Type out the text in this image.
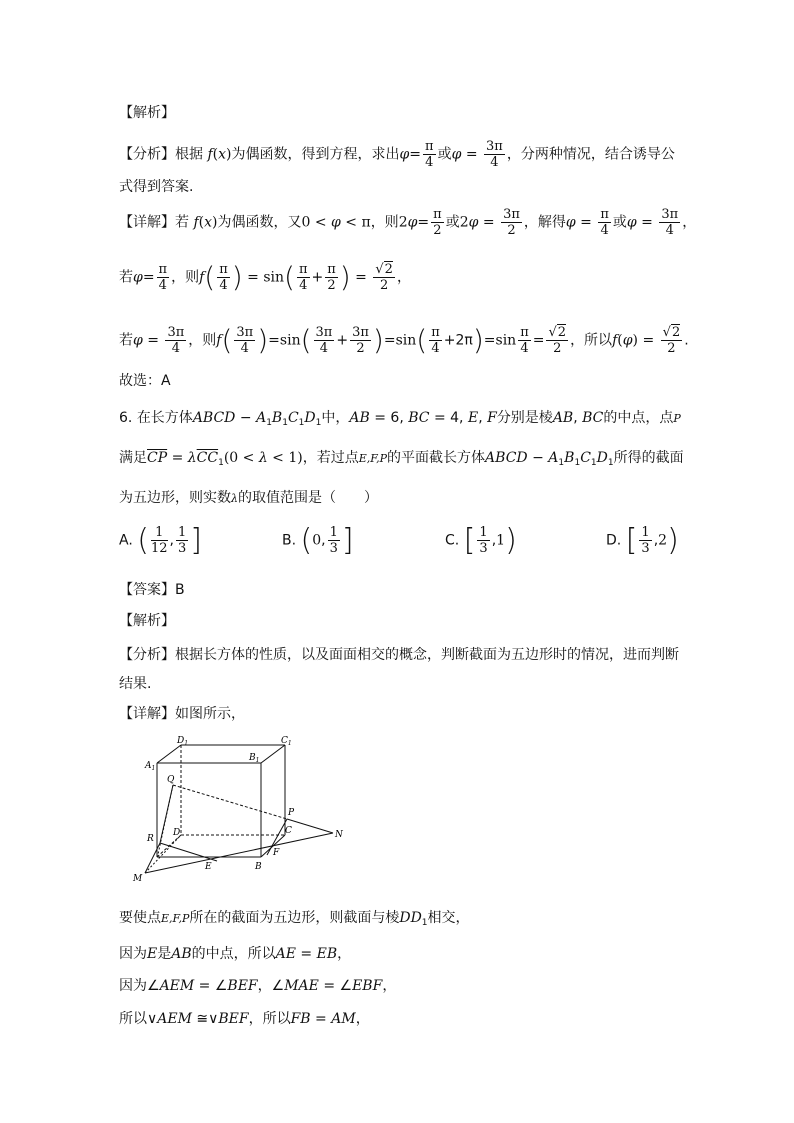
【解析】
【分析】根据 f(x)为偶函数，得到方程，求出$\varphi= \frac{\pi}{4}$ 或$\varphi = \frac{3\pi}{4}$ ，分两种情况，结合诱导公
式得到答案.
【详解】若 f(x)为偶函数，又0 < φ < π，则$2\varphi= \frac{\pi}{2}$ 或$2\varphi = \frac{3\pi}{2}$ ，解得$\varphi = \frac{\pi}{4}$ 或$\varphi = \frac{3\pi}{4}$ ，
若$\varphi= \frac{\pi}{4}$ ，则$f( \frac{\pi}{4}$ ) = $\sin( \frac{\pi}{4} + \frac{\pi}{2}$ ) = $\frac{√2}{2}$ ，
若$\varphi = \frac{3\pi}{4}$ ，则$f( \frac{3\pi}{4} )=\sin( \frac{3\pi}{4} + \frac{3\pi}{2} )=\sin( \frac{\pi}{4} +2\pi)=\sin \frac{\pi}{4} = \frac{√2}{2}$ ，所以$f(\varphi) = \frac{√2}{2}$ .
故选：A
6. 在长方体ABCD − $A_1B_1C_1D_1$中，AB = 6, BC = 4, E, F分别是棱AB, BC的中点，点P
满足$\overline{CP} = \lambda\overline{CC}_1(0 < \lambda < 1)$，若过点E,F,P的平面截长方体ABCD − $A_1B_1C_1D_1$所得的截面
为五边形，则实数λ的取值范围是（　　）
A. ( $\frac{1}{12}$ , $\frac{1}{3}$ ]	B. (0, $\frac{1}{3}$ ]	C. [ $\frac{1}{3} ,1$)	D. [ $\frac{1}{3} ,2$)
【答案】B
【解析】
【分析】根据长方体的性质，以及面面相交的概念，判断截面为五边形时的情况，进而判断
结果.
【详解】如图所示，
$D_1$	$C_1$
$A_1$
$B_1$
Q
P
R
D	C	N
M
E	B
F
要使点E,F,P所在的截面为五边形，则截面与棱$DD_1$相交，
因为E是AB的中点，所以AE = EB，
因为∠AEM = ∠BEF，∠MAE = ∠EBF，
所以∨AEM ≅∨BEF，所以FB = AM，
